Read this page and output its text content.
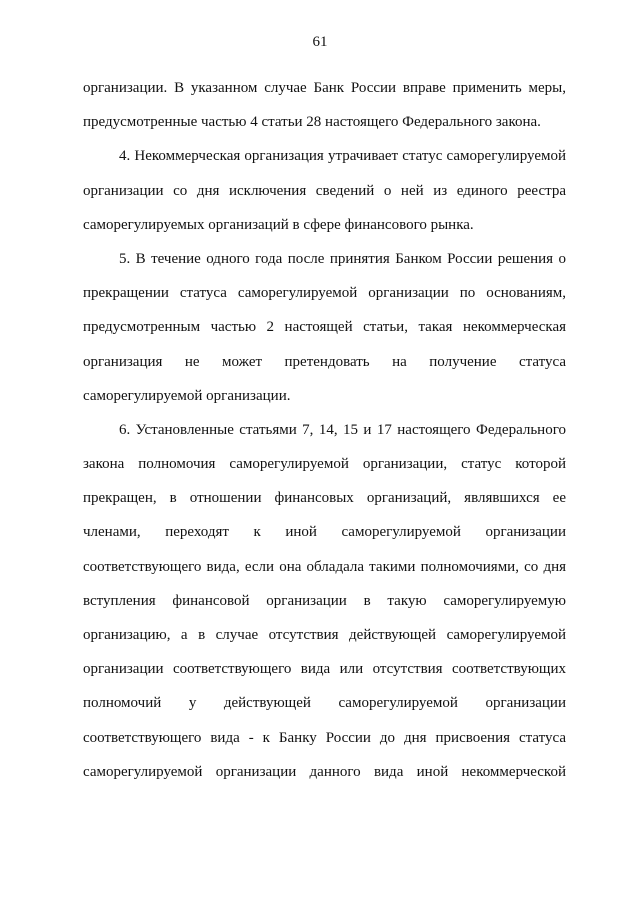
61
организации. В указанном случае Банк России вправе применить меры,
предусмотренные частью 4 статьи 28 настоящего Федерального закона.
4. Некоммерческая организация утрачивает статус саморегулируемой
организации со дня исключения сведений о ней из единого реестра
саморегулируемых организаций в сфере финансового рынка.
5. В течение одного года после принятия Банком России решения о
прекращении статуса саморегулируемой организации по основаниям,
предусмотренным частью 2 настоящей статьи, такая некоммерческая
организация не может претендовать на получение статуса
саморегулируемой организации.
6. Установленные статьями 7, 14, 15 и 17 настоящего Федерального
закона полномочия саморегулируемой организации, статус которой
прекращен, в отношении финансовых организаций, являвшихся ее
членами, переходят к иной саморегулируемой организации
соответствующего вида, если она обладала такими полномочиями, со дня
вступления финансовой организации в такую саморегулируемую
организацию, а в случае отсутствия действующей саморегулируемой
организации соответствующего вида или отсутствия соответствующих
полномочий у действующей саморегулируемой организации
соответствующего вида - к Банку России до дня присвоения статуса
саморегулируемой организации данного вида иной некоммерческой
